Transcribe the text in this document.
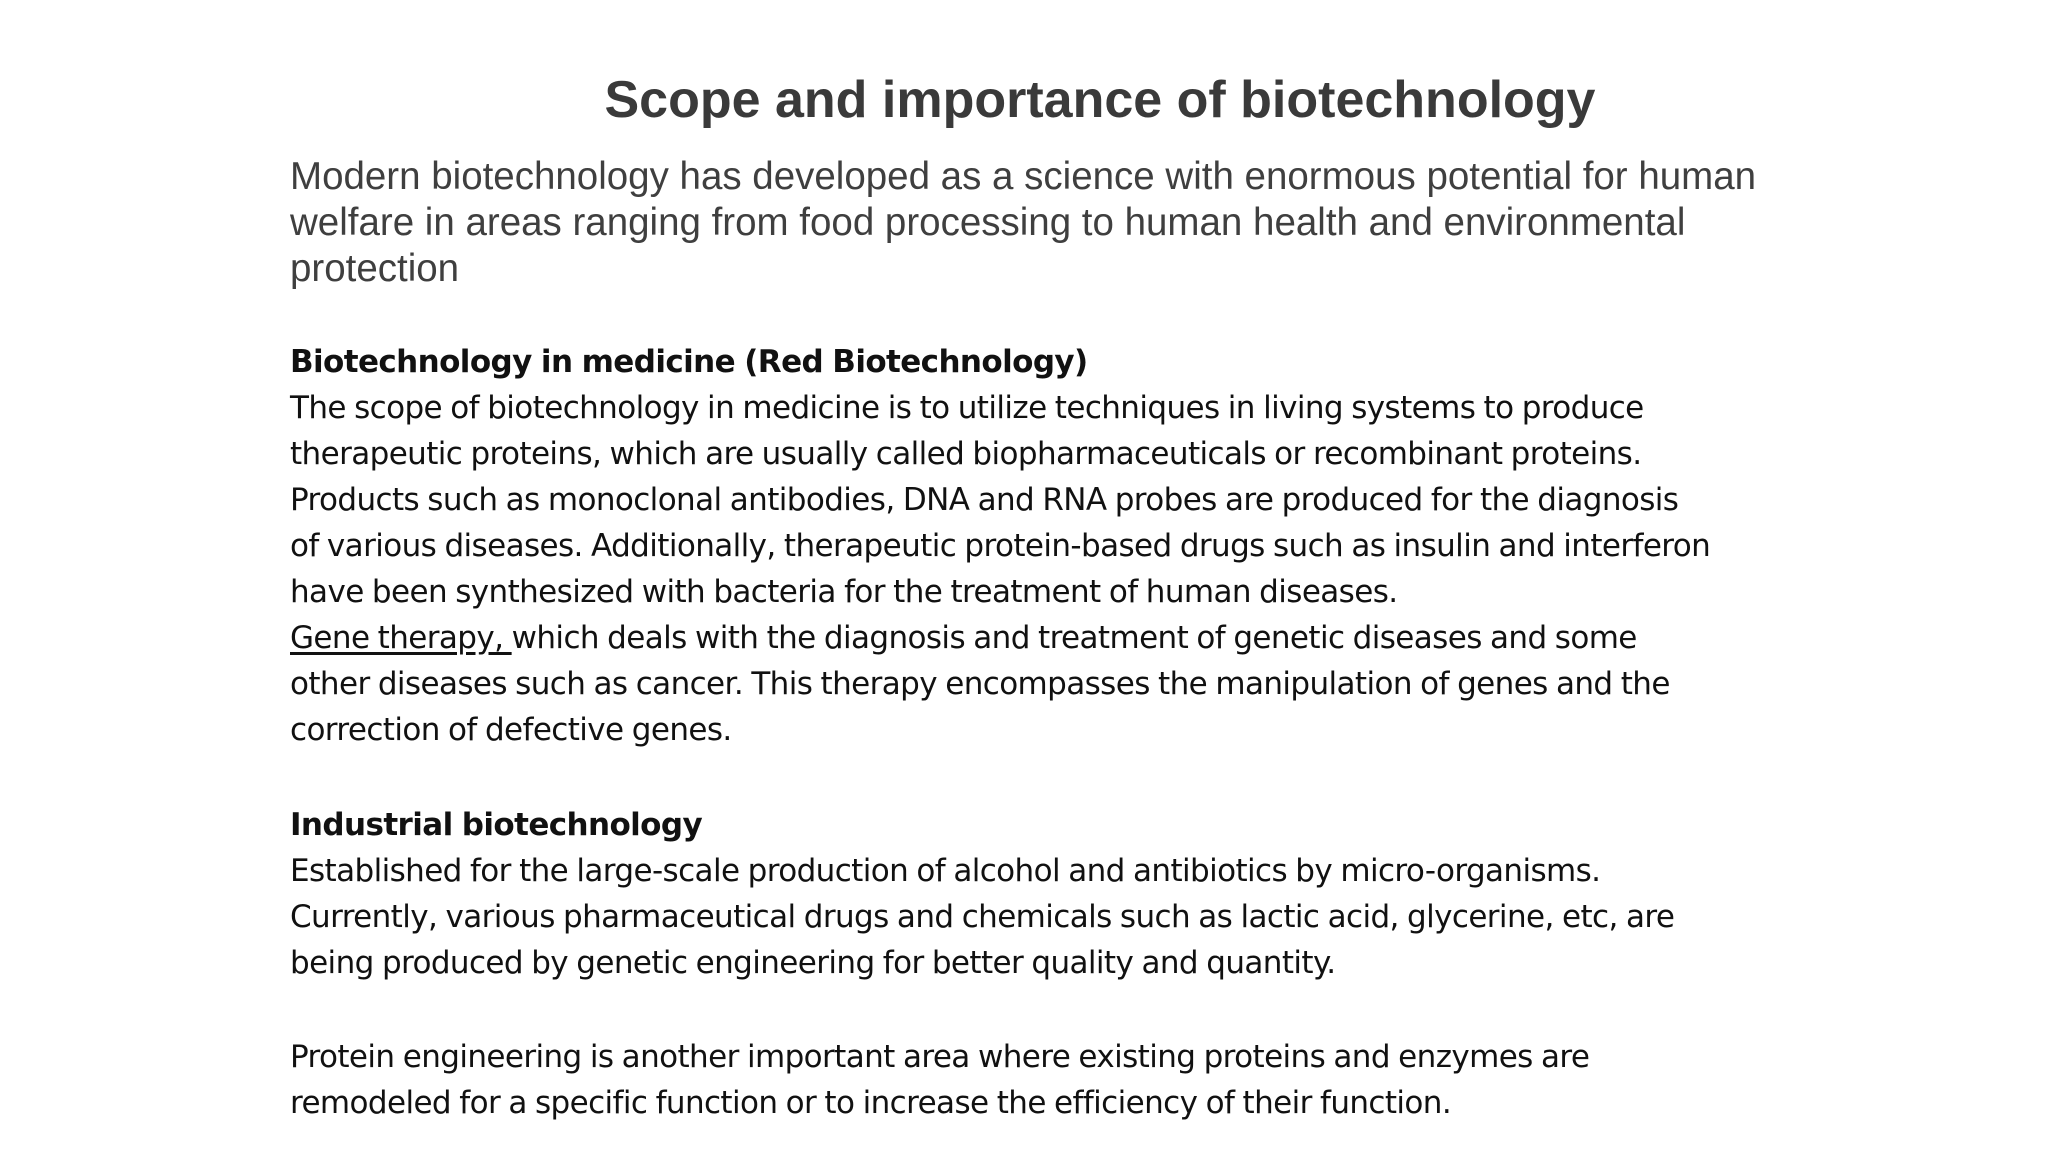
Scope and importance of biotechnology

Modern biotechnology has developed as a science with enormous potential for human welfare in areas ranging from food processing to human health and environmental protection

Biotechnology in medicine (Red Biotechnology)
The scope of biotechnology in medicine is to utilize techniques in living systems to produce
therapeutic proteins, which are usually called biopharmaceuticals or recombinant proteins.
Products such as monoclonal antibodies, DNA and RNA probes are produced for the diagnosis
of various diseases. Additionally, therapeutic protein-based drugs such as insulin and interferon
have been synthesized with bacteria for the treatment of human diseases.
Gene therapy, which deals with the diagnosis and treatment of genetic diseases and some
other diseases such as cancer. This therapy encompasses the manipulation of genes and the
correction of defective genes.
Industrial biotechnology
Established for the large-scale production of alcohol and antibiotics by micro-organisms.
Currently, various pharmaceutical drugs and chemicals such as lactic acid, glycerine, etc, are
being produced by genetic engineering for better quality and quantity.
Protein engineering is another important area where existing proteins and enzymes are
remodeled for a specific function or to increase the efficiency of their function.
